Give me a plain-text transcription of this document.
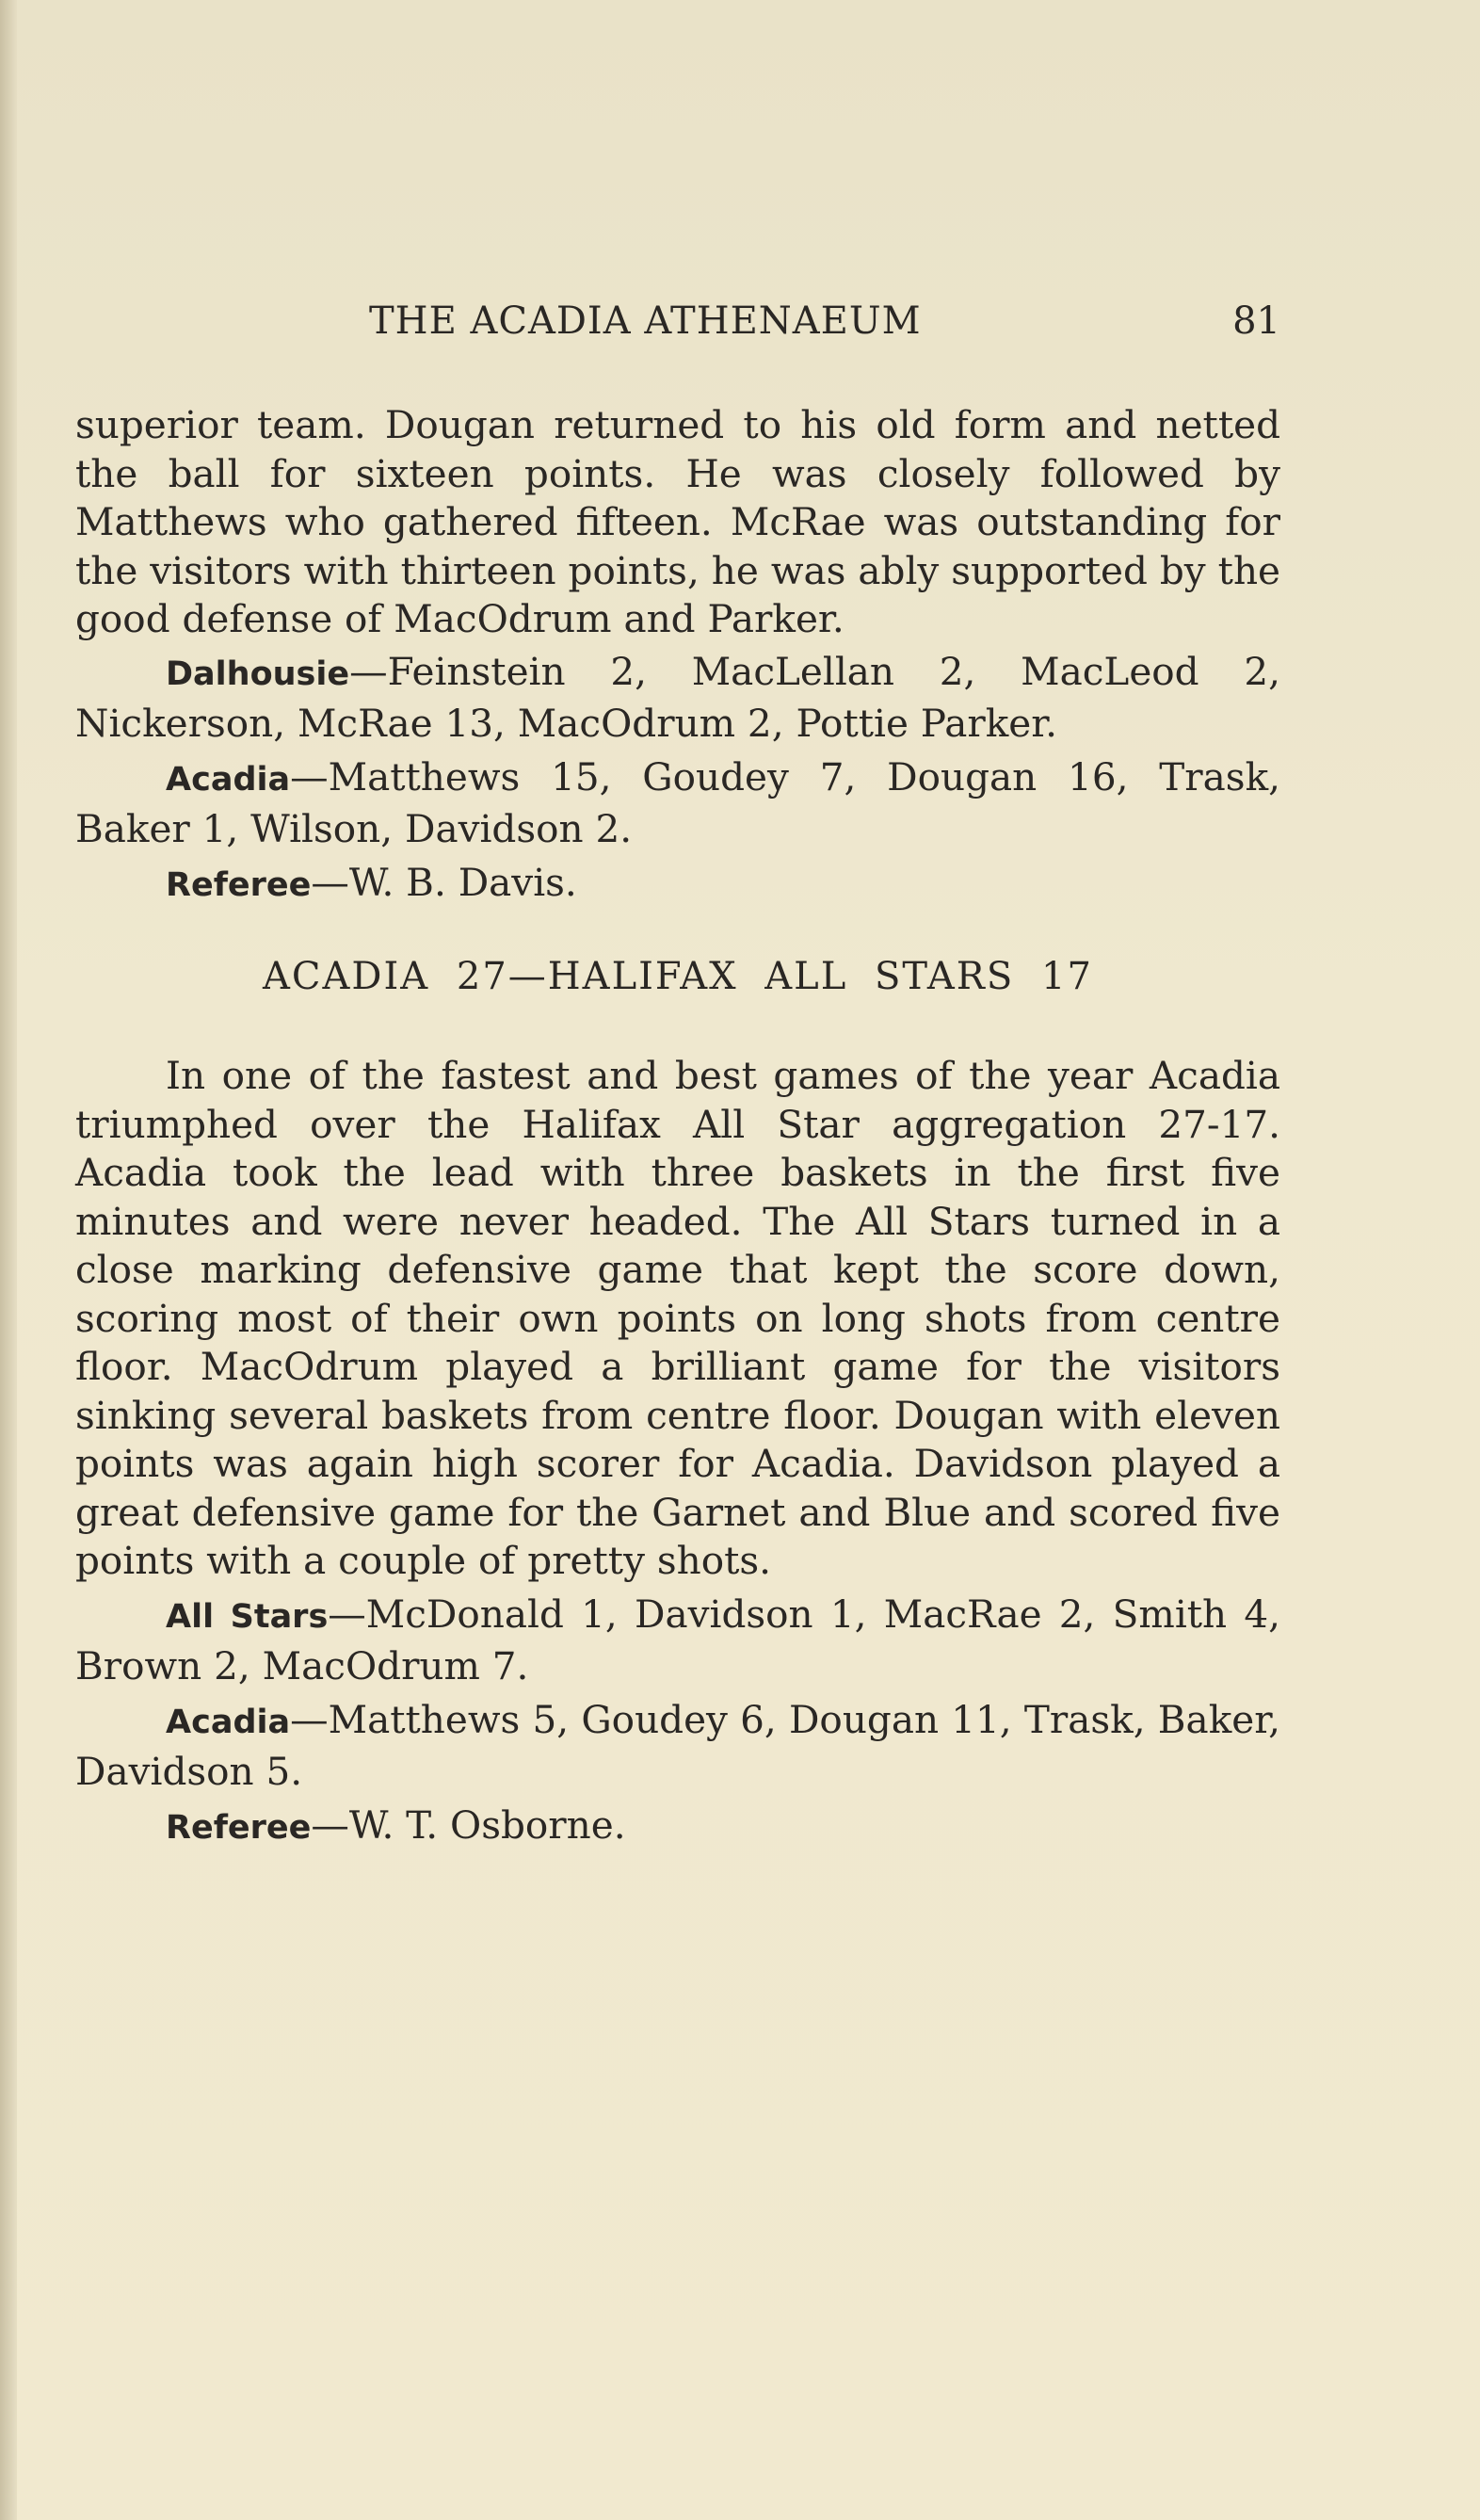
THE ACADIA ATHENAEUM	81
superior team. Dougan returned to his old form and netted the ball for sixteen points. He was closely followed by Matthews who gathered fifteen. McRae was outstanding for the visitors with thirteen points, he was ably supported by the good defense of MacOdrum and Parker.
Dalhousie—Feinstein 2, MacLellan 2, MacLeod 2, Nickerson, McRae 13, MacOdrum 2, Pottie Parker.
Acadia—Matthews 15, Goudey 7, Dougan 16, Trask, Baker 1, Wilson, Davidson 2.
Referee—W. B. Davis.
ACADIA 27—HALIFAX ALL STARS 17
In one of the fastest and best games of the year Acadia triumphed over the Halifax All Star aggregation 27-17. Acadia took the lead with three baskets in the first five minutes and were never headed. The All Stars turned in a close marking defensive game that kept the score down, scoring most of their own points on long shots from centre floor. MacOdrum played a brilliant game for the visitors sinking several baskets from centre floor. Dougan with eleven points was again high scorer for Acadia. Davidson played a great defensive game for the Garnet and Blue and scored five points with a couple of pretty shots.
All Stars—McDonald 1, Davidson 1, MacRae 2, Smith 4, Brown 2, MacOdrum 7.
Acadia—Matthews 5, Goudey 6, Dougan 11, Trask, Baker, Davidson 5.
Referee—W. T. Osborne.
